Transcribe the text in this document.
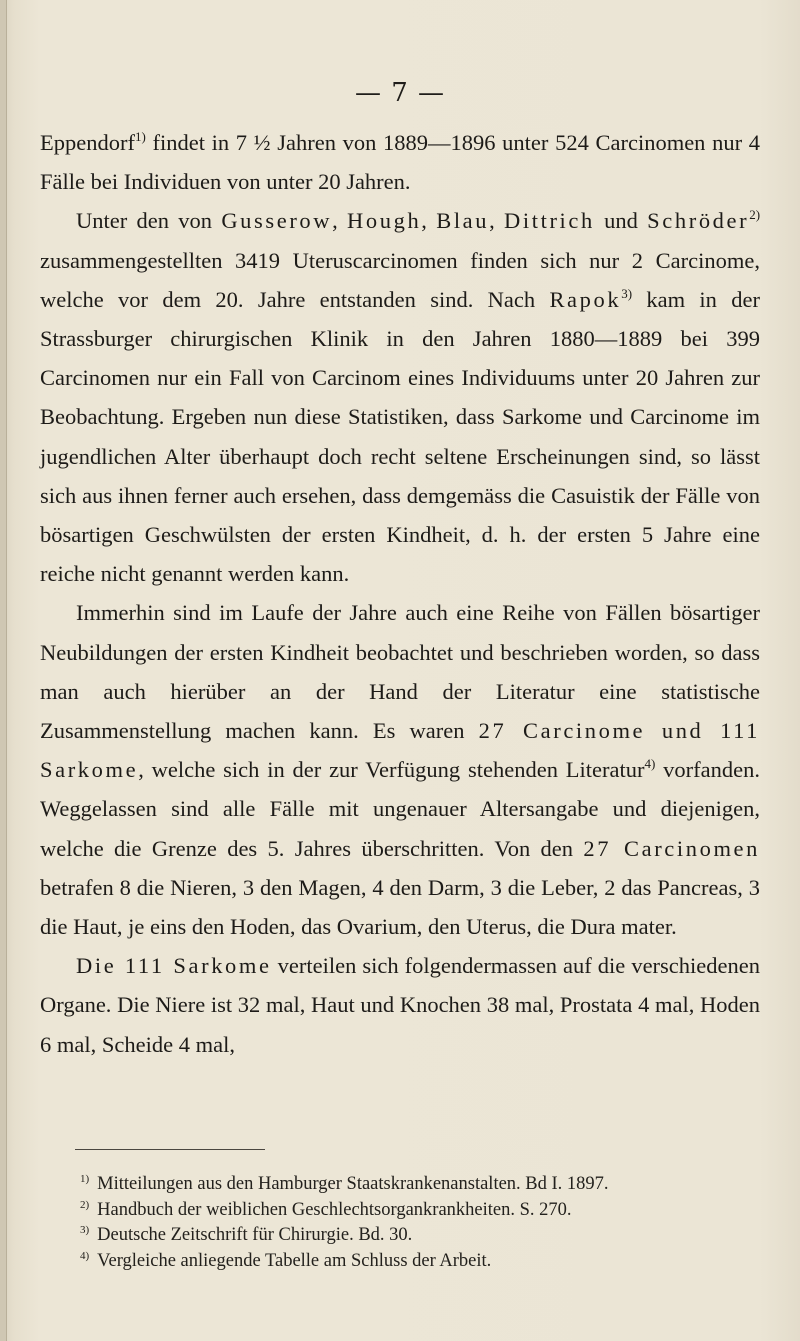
— 7 —

Eppendorf$^{1)}$ findet in 7 ½ Jahren von 1889—1896 unter 524 Carcinomen nur 4 Fälle bei Individuen von unter 20 Jahren.

Unter den von Gusserow, Hough, Blau, Dittrich und Schröder$^{2)}$ zusammengestellten 3419 Uteruscarcinomen finden sich nur 2 Carcinome, welche vor dem 20. Jahre entstanden sind. Nach Rapok$^{3)}$ kam in der Strassburger chirurgischen Klinik in den Jahren 1880—1889 bei 399 Carcinomen nur ein Fall von Carcinom eines Individuums unter 20 Jahren zur Beobachtung. Ergeben nun diese Statistiken, dass Sarkome und Carcinome im jugendlichen Alter überhaupt doch recht seltene Erscheinungen sind, so lässt sich aus ihnen ferner auch ersehen, dass demgemäss die Casuistik der Fälle von bösartigen Geschwülsten der ersten Kindheit, d. h. der ersten 5 Jahre eine reiche nicht genannt werden kann.

Immerhin sind im Laufe der Jahre auch eine Reihe von Fällen bösartiger Neubildungen der ersten Kindheit beobachtet und beschrieben worden, so dass man auch hierüber an der Hand der Literatur eine statistische Zusammenstellung machen kann. Es waren 27 Carcinome und 111 Sarkome, welche sich in der zur Verfügung stehenden Literatur$^{4)}$ vorfanden. Weggelassen sind alle Fälle mit ungenauer Altersangabe und diejenigen, welche die Grenze des 5. Jahres überschritten. Von den 27 Carcinomen betrafen 8 die Nieren, 3 den Magen, 4 den Darm, 3 die Leber, 2 das Pancreas, 3 die Haut, je eins den Hoden, das Ovarium, den Uterus, die Dura mater.

Die 111 Sarkome verteilen sich folgendermassen auf die verschiedenen Organe. Die Niere ist 32 mal, Haut und Knochen 38 mal, Prostata 4 mal, Hoden 6 mal, Scheide 4 mal,

$^{1)}$ Mitteilungen aus den Hamburger Staatskrankenanstalten. Bd I. 1897.
$^{2)}$ Handbuch der weiblichen Geschlechtsorgankrankheiten. S. 270.
$^{3)}$ Deutsche Zeitschrift für Chirurgie. Bd. 30.
$^{4)}$ Vergleiche anliegende Tabelle am Schluss der Arbeit.
